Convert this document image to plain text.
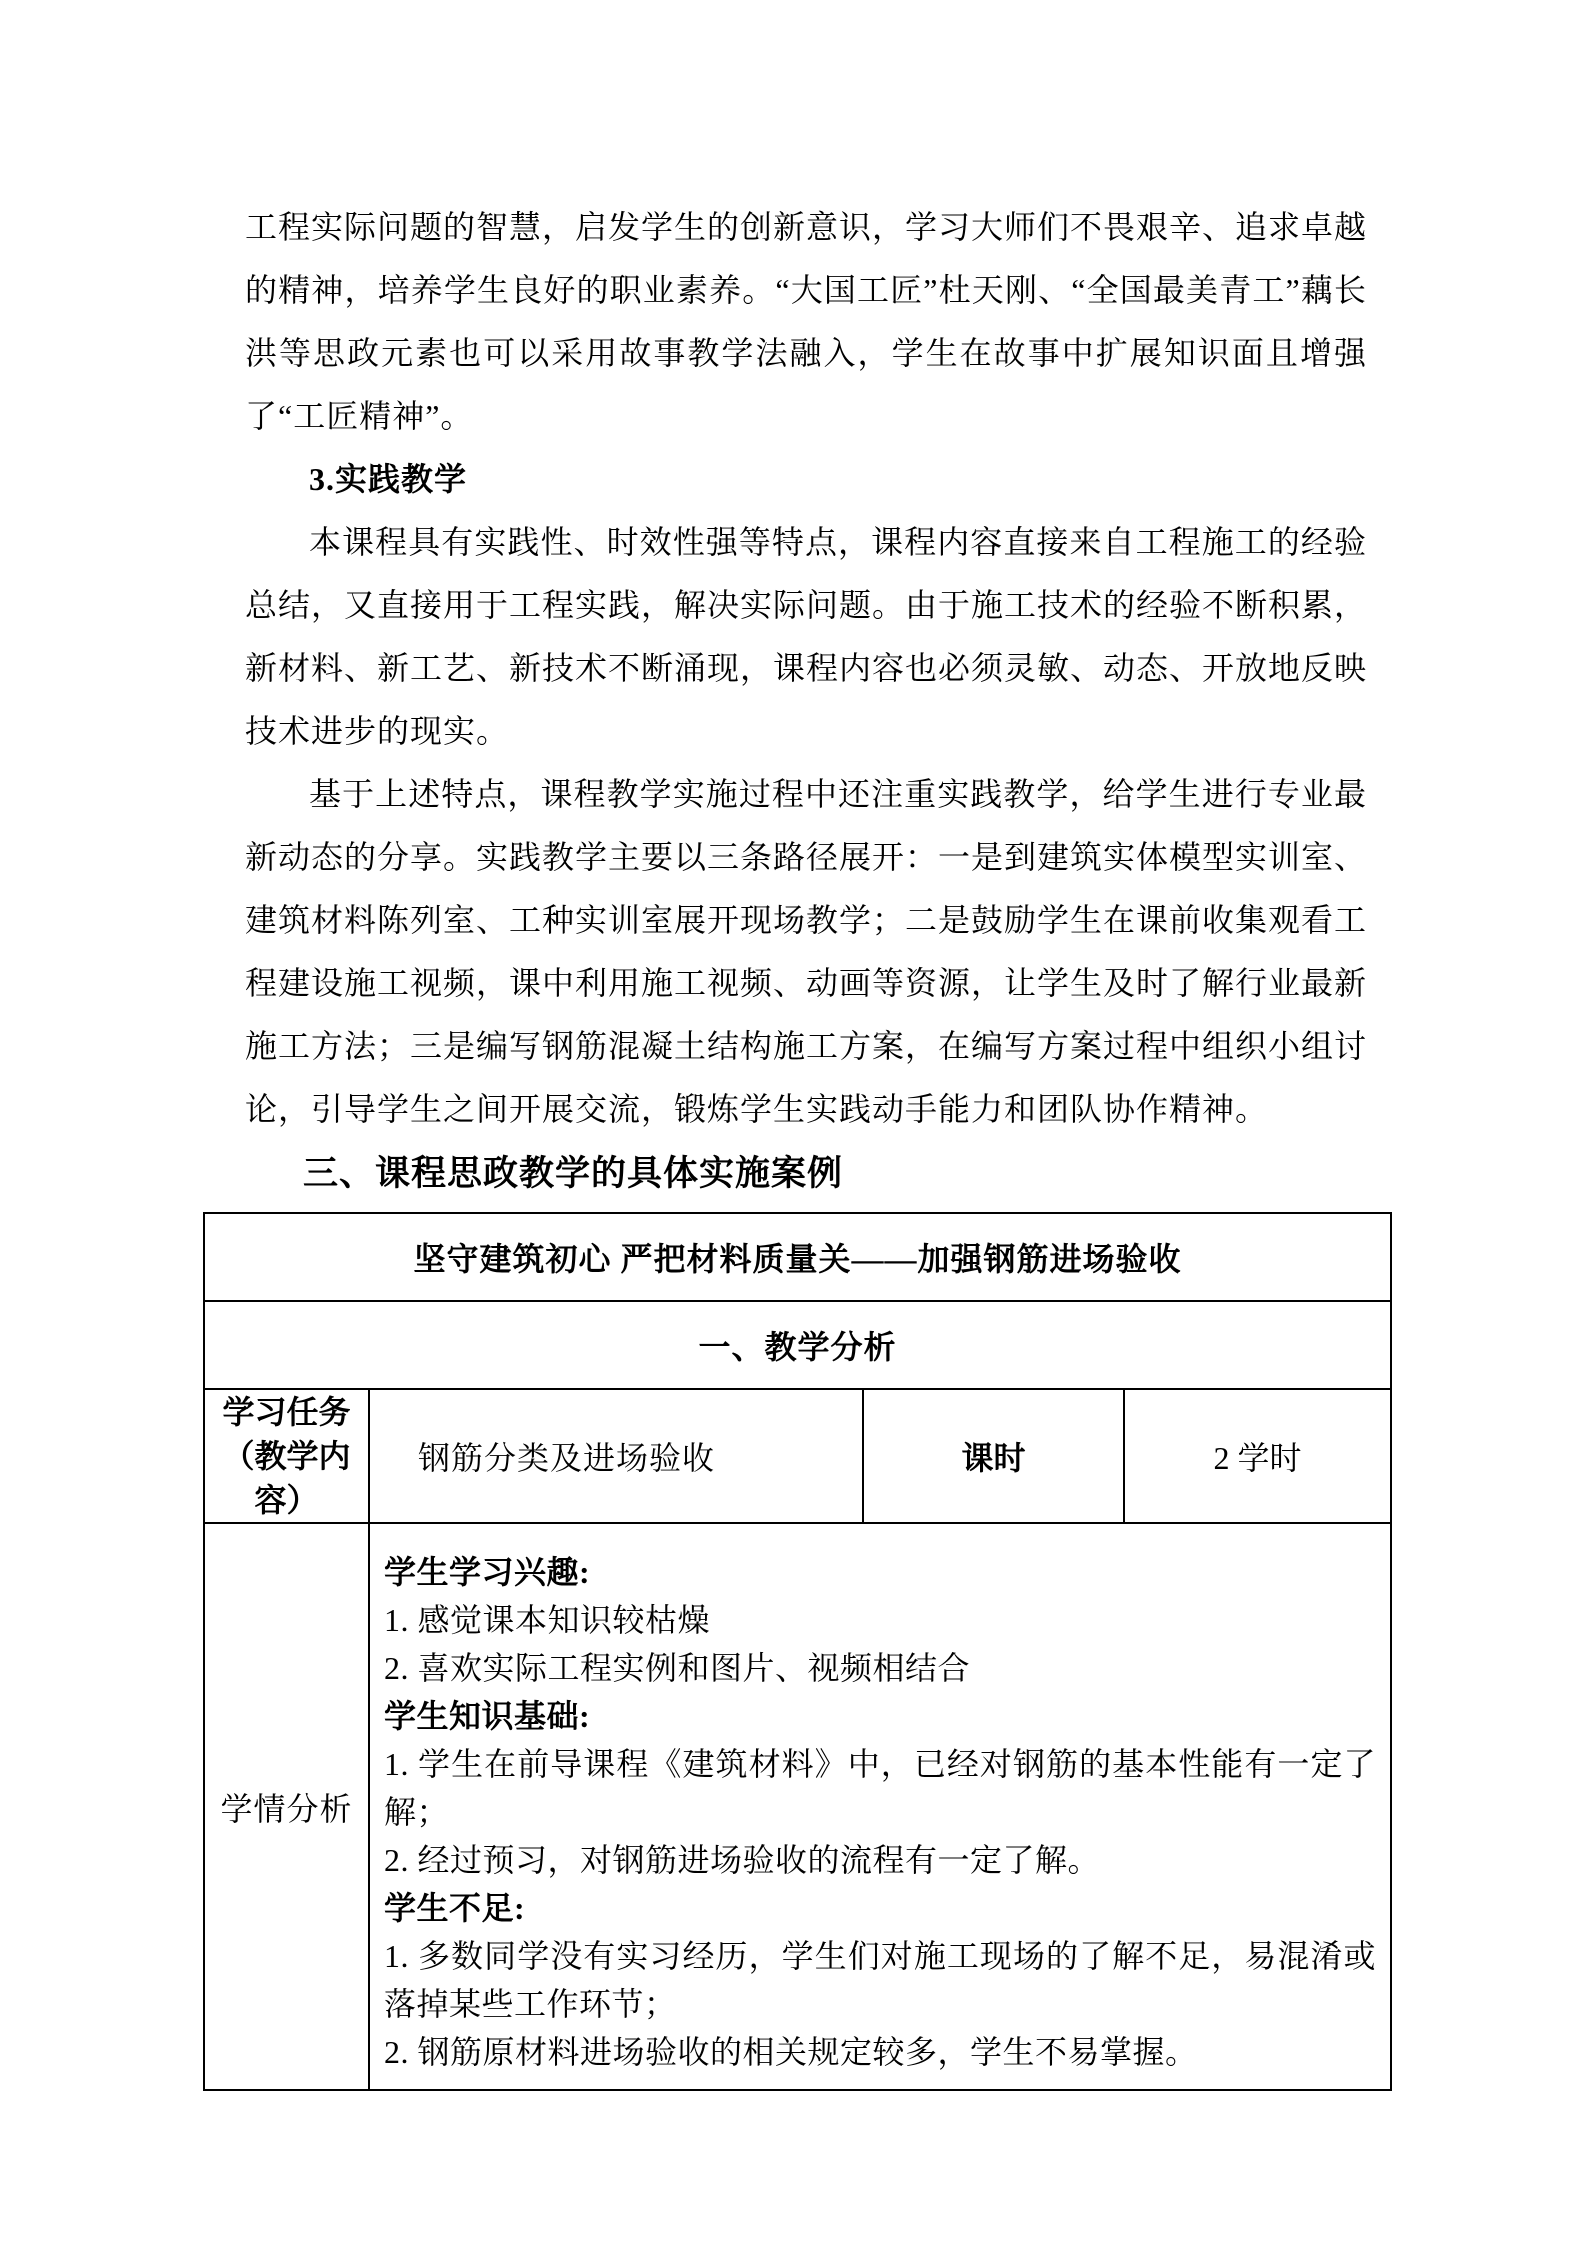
工程实际问题的智慧，启发学生的创新意识，学习大师们不畏艰辛、追求卓越的精神，培养学生良好的职业素养。“大国工匠”杜天刚、“全国最美青工”藕长洪等思政元素也可以采用故事教学法融入，学生在故事中扩展知识面且增强了“工匠精神”。

3.实践教学

本课程具有实践性、时效性强等特点，课程内容直接来自工程施工的经验总结，又直接用于工程实践，解决实际问题。由于施工技术的经验不断积累，新材料、新工艺、新技术不断涌现，课程内容也必须灵敏、动态、开放地反映技术进步的现实。

基于上述特点，课程教学实施过程中还注重实践教学，给学生进行专业最新动态的分享。实践教学主要以三条路径展开：一是到建筑实体模型实训室、建筑材料陈列室、工种实训室展开现场教学；二是鼓励学生在课前收集观看工程建设施工视频，课中利用施工视频、动画等资源，让学生及时了解行业最新施工方法；三是编写钢筋混凝土结构施工方案，在编写方案过程中组织小组讨论，引导学生之间开展交流，锻炼学生实践动手能力和团队协作精神。

三、课程思政教学的具体实施案例

坚守建筑初心 严把材料质量关——加强钢筋进场验收			
一、教学分析			
学习任务（教学内容）	钢筋分类及进场验收	课时	2 学时
学情分析	
学生学习兴趣:
1. 感觉课本知识较枯燥
2. 喜欢实际工程实例和图片、视频相结合
学生知识基础:
1. 学生在前导课程《建筑材料》中，已经对钢筋的基本性能有一定了解；
2. 经过预习，对钢筋进场验收的流程有一定了解。
学生不足:
1. 多数同学没有实习经历，学生们对施工现场的了解不足，易混淆或落掉某些工作环节；
2. 钢筋原材料进场验收的相关规定较多，学生不易掌握。
